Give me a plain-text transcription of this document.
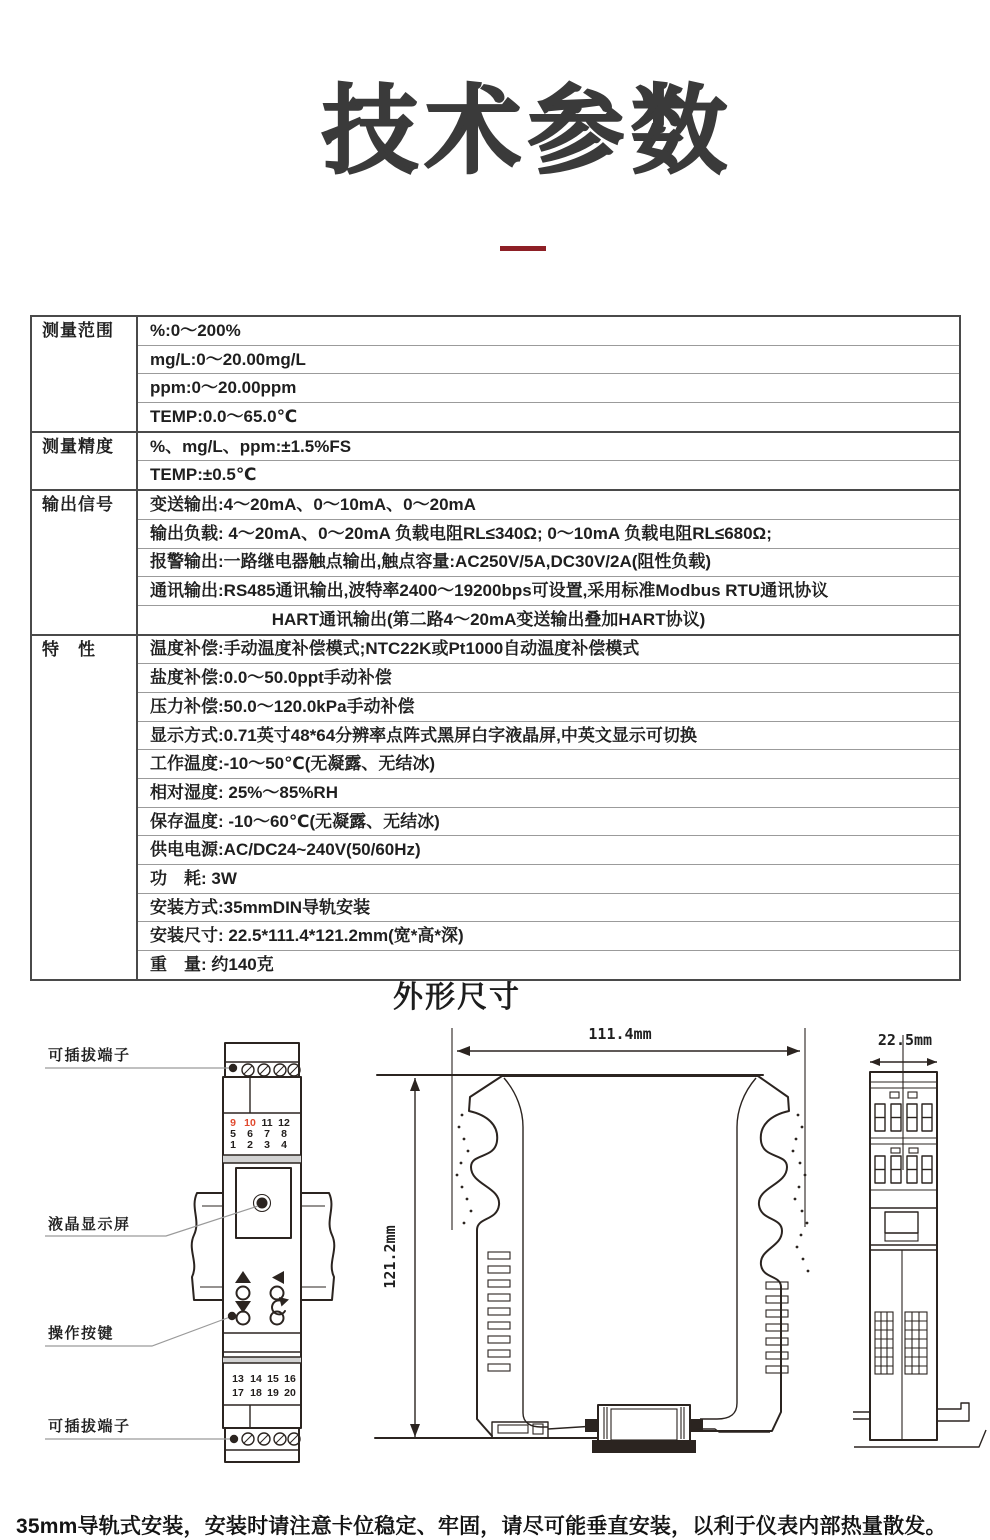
技术参数
测量范围	%:0～200%
	mg/L:0～20.00mg/L
	ppm:0～20.00ppm
	TEMP:0.0～65.0℃
测量精度	%、mg/L、ppm:±1.5%FS
	TEMP:±0.5℃
输出信号	变送输出:4～20mA、0～10mA、0～20mA
	输出负载: 4～20mA、0～20mA 负载电阻RL≤340Ω; 0～10mA 负载电阻RL≤680Ω;
	报警输出:一路继电器触点输出,触点容量:AC250V/5A,DC30V/2A(阻性负载)
	通讯输出:RS485通讯输出,波特率2400～19200bps可设置,采用标准Modbus RTU通讯协议
	HART通讯输出(第二路4～20mA变送输出叠加HART协议)
特　性	温度补偿:手动温度补偿模式;NTC22K或Pt1000自动温度补偿模式
	盐度补偿:0.0～50.0ppt手动补偿
	压力补偿:50.0～120.0kPa手动补偿
	显示方式:0.71英寸48*64分辨率点阵式黑屏白字液晶屏,中英文显示可切换
	工作温度:-10～50℃(无凝露、无结冰)
	相对湿度: 25%～85%RH
	保存温度: -10～60℃(无凝露、无结冰)
	供电电源:AC/DC24~240V(50/60Hz)
	功　耗: 3W
	安装方式:35mmDIN导轨安装
	安装尺寸: 22.5*111.4*121.2mm(宽*高*深)
	重　量: 约140克
外形尺寸
9 10 11 12
5 6 7 8
1 2 3 4
13 14 15 16
17 18 19 20
可插拔端子
液晶显示屏
操作按键
可插拔端子
111.4mm
121.2mm
22.5mm

35mm导轨式安装，安装时请注意卡位稳定、牢固，请尽可能垂直安装，以利于仪表内部热量散发。
